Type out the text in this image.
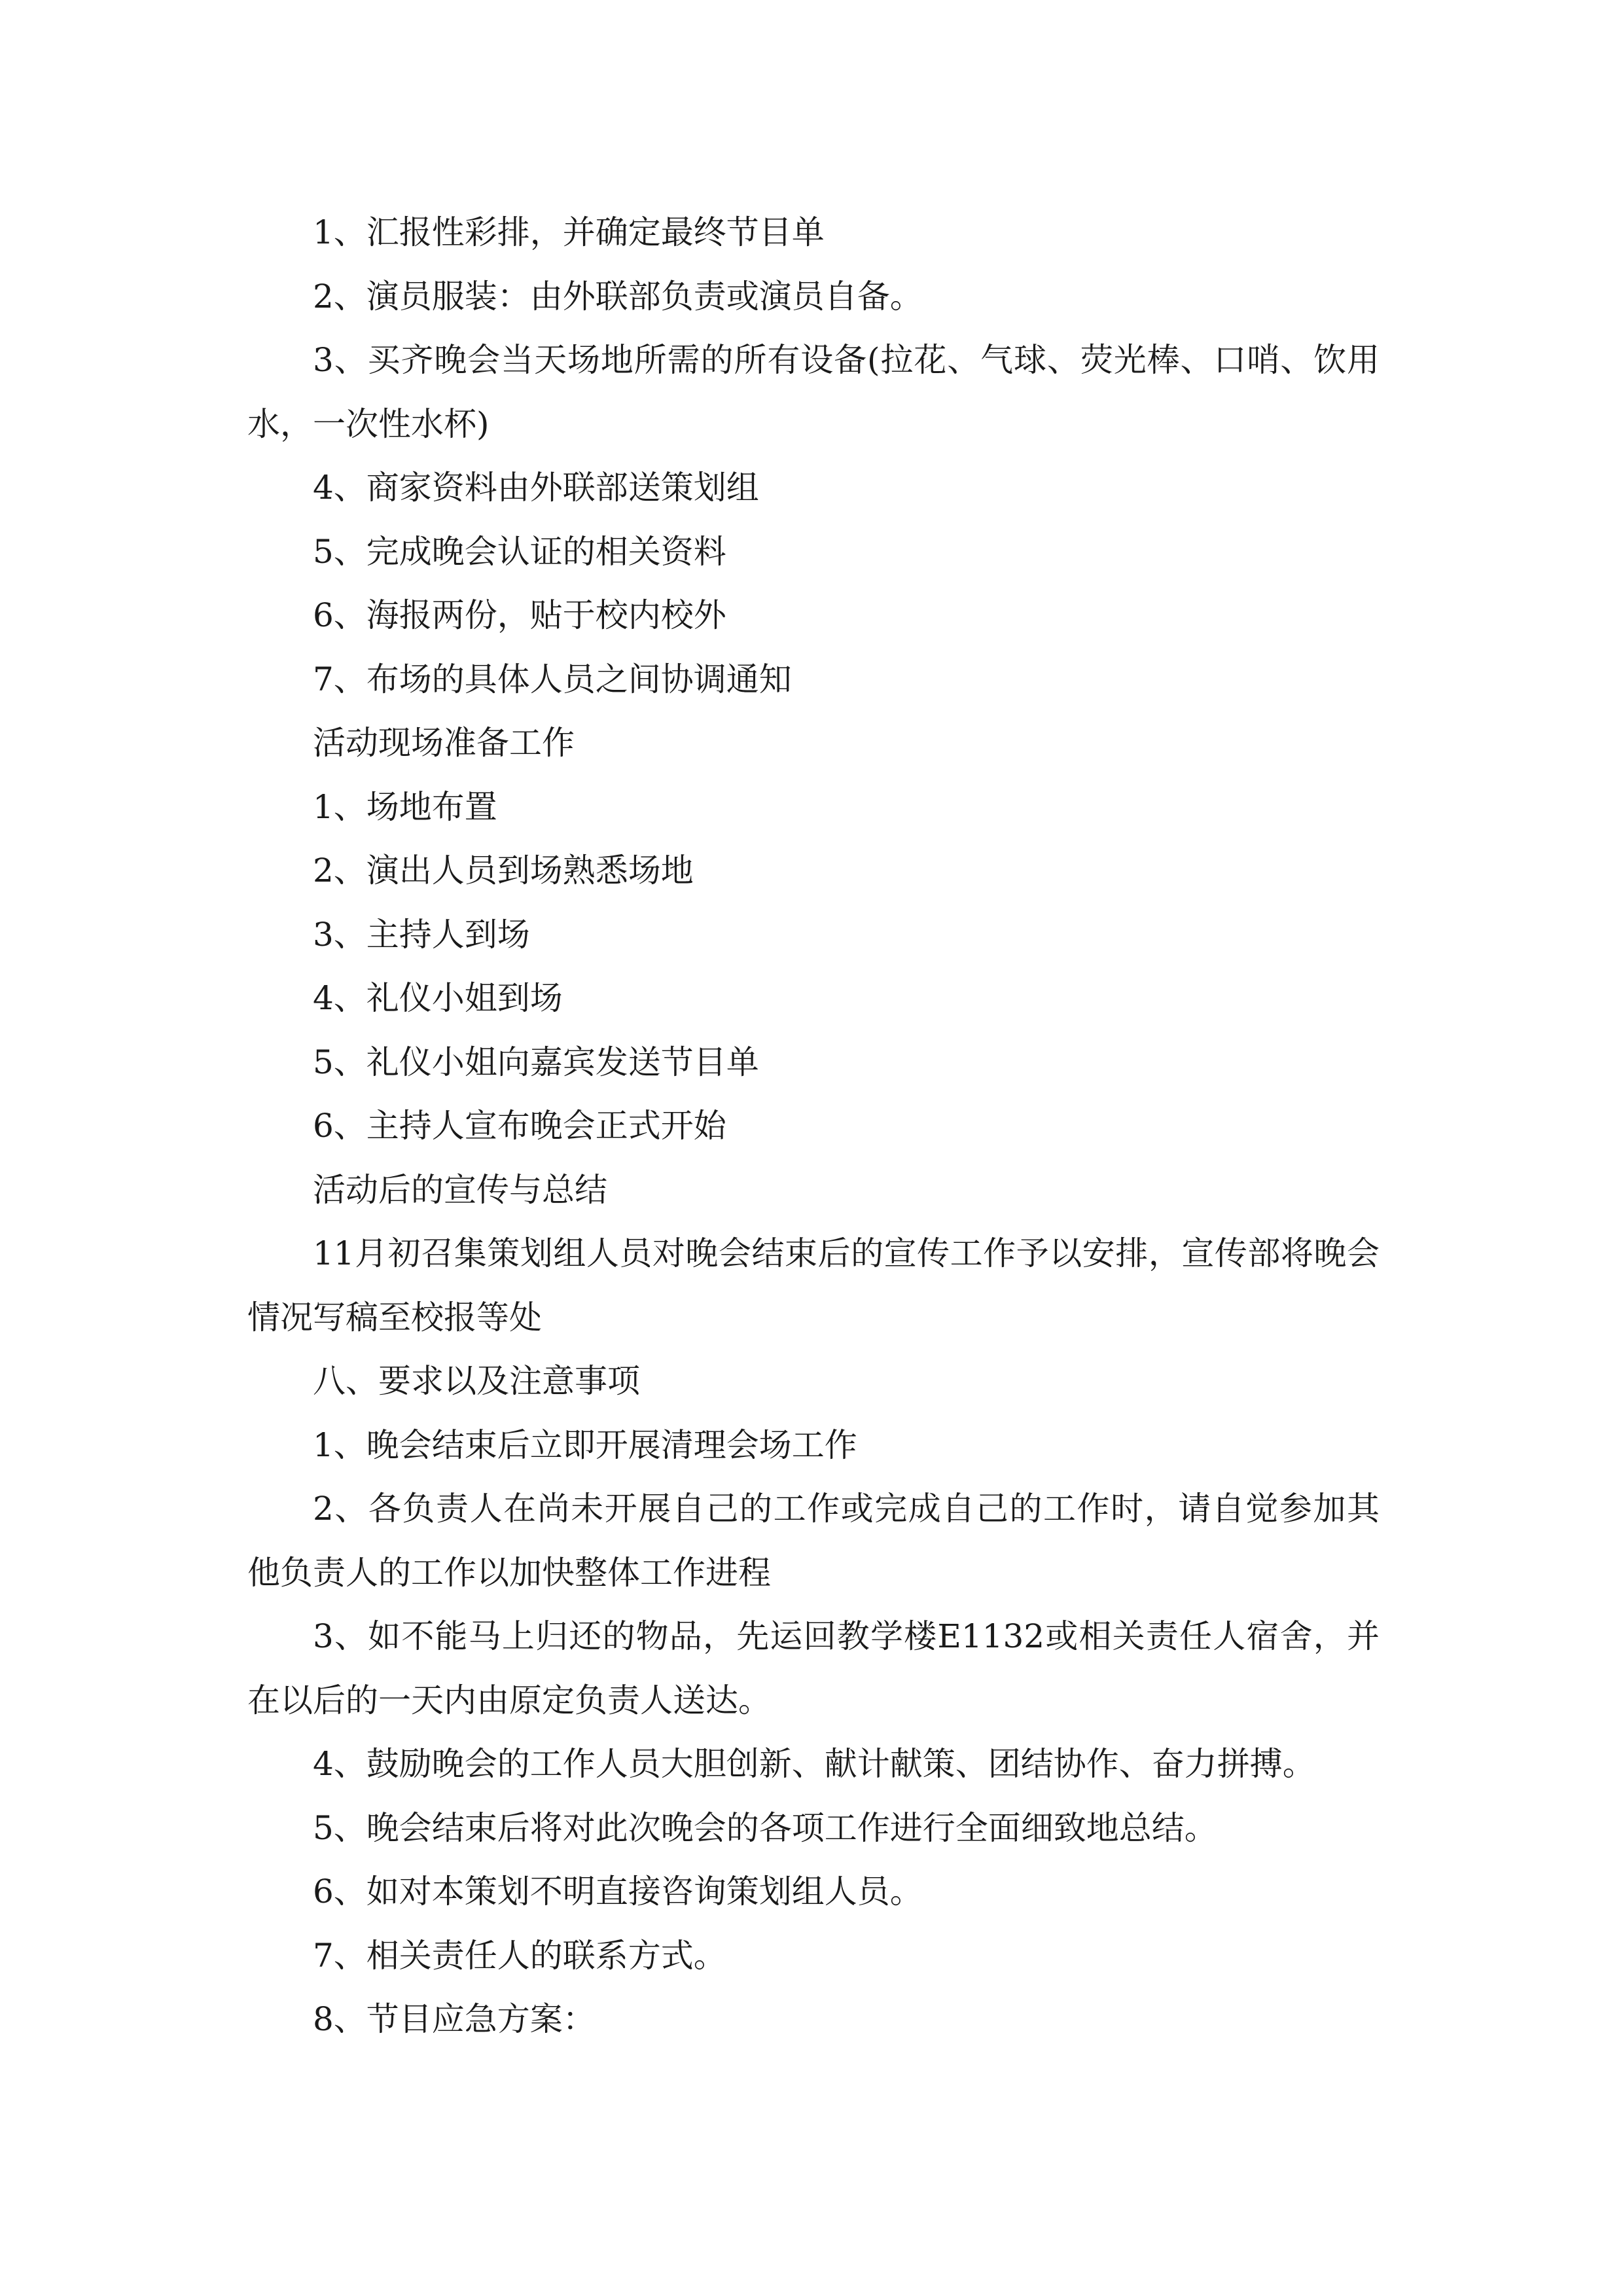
1、汇报性彩排，并确定最终节目单

2、演员服装：由外联部负责或演员自备。

3、买齐晚会当天场地所需的所有设备(拉花、气球、荧光棒、口哨、饮用水，一次性水杯)

4、商家资料由外联部送策划组

5、完成晚会认证的相关资料

6、海报两份，贴于校内校外

7、布场的具体人员之间协调通知

活动现场准备工作

1、场地布置

2、演出人员到场熟悉场地

3、主持人到场

4、礼仪小姐到场

5、礼仪小姐向嘉宾发送节目单

6、主持人宣布晚会正式开始

活动后的宣传与总结

11月初召集策划组人员对晚会结束后的宣传工作予以安排，宣传部将晚会情况写稿至校报等处

八、要求以及注意事项

1、晚会结束后立即开展清理会场工作

2、各负责人在尚未开展自己的工作或完成自己的工作时，请自觉参加其他负责人的工作以加快整体工作进程

3、如不能马上归还的物品，先运回教学楼E1132或相关责任人宿舍，并在以后的一天内由原定负责人送达。

4、鼓励晚会的工作人员大胆创新、献计献策、团结协作、奋力拼搏。

5、晚会结束后将对此次晚会的各项工作进行全面细致地总结。

6、如对本策划不明直接咨询策划组人员。

7、相关责任人的联系方式。

8、节目应急方案：
